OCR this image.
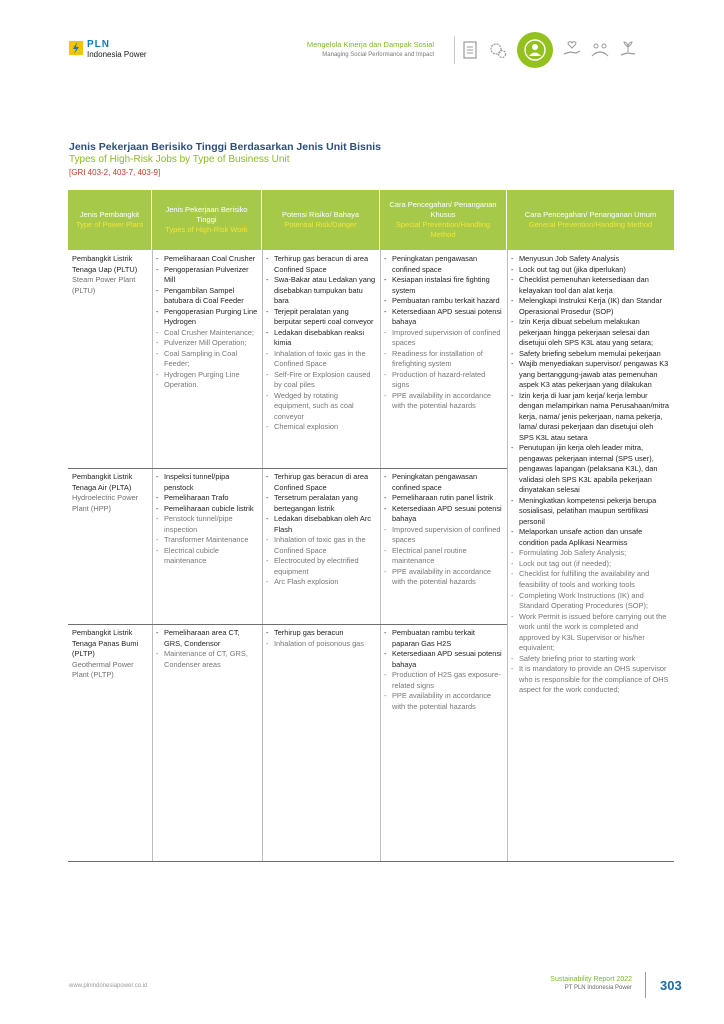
PLN
Indonesia Power
Mengelola Kinerja dan Dampak Sosial
Managing Social Performance and Impact
Jenis Pekerjaan Berisiko Tinggi Berdasarkan Jenis Unit Bisnis
Types of High-Risk Jobs by Type of Business Unit
[GRI 403-2, 403-7, 403-9]
Jenis Pembangkit
Type of Power Plant
Jenis Pekerjaan Berisiko Tinggi
Types of High-Risk Work
Potensi Risiko/ Bahaya
Potential Risk/Danger
Cara Pencegahan/ Penanganan Khusus
Special Prevention/Handling Method
Cara Pencegahan/ Penanganan Umum
General Prevention/Handling Method
Pembangkit Listrik Tenaga Uap (PLTU)
Steam Power Plant (PLTU)
- Pemeliharaan Coal Crusher
- Pengoperasian Pulverizer Mill
- Pengambilan Sampel batubara di Coal Feeder
- Pengoperasian Purging Line Hydrogen
- Coal Crusher Maintenance;
- Pulverizer Mill Operation;
- Coal Sampling in Coal Feeder;
- Hydrogen Purging Line Operation.
- Terhirup gas beracun di area Confined Space
- Swa-Bakar atau Ledakan yang disebabkan tumpukan batu bara
- Terjepit peralatan yang berputar seperti coal conveyor
- Ledakan disebabkan reaksi kimia
- Inhalation of toxic gas in the Confined Space
- Self-Fire or Explosion caused by coal piles
- Wedged by rotating equipment, such as coal conveyor
- Chemical explosion
- Peningkatan pengawasan confined space
- Kesiapan instalasi fire fighting system
- Pembuatan rambu terkait hazard
- Ketersediaan APD sesuai potensi bahaya
- Improved supervision of confined spaces
- Readiness for installation of firefighting system
- Production of hazard-related signs
- PPE availability in accordance with the potential hazards
Pembangkit Listrik Tenaga Air (PLTA)
Hydroelectric Power Plant (HPP)
- Inspeksi tunnel/pipa penstock
- Pemeliharaan Trafo
- Pemeliharaan cubicle listrik
- Penstock tunnel/pipe inspection
- Transformer Maintenance
- Electrical cubicle maintenance
- Terhirup gas beracun di area Confined Space
- Tersetrum peralatan yang bertegangan listrik
- Ledakan disebabkan oleh Arc Flash
- Inhalation of toxic gas in the Confined Space
- Electrocuted by electrified equipment
- Arc Flash explosion
- Peningkatan pengawasan confined space
- Pemeliharaan rutin panel listrik
- Ketersediaan APD sesuai potensi bahaya
- Improved supervision of confined spaces
- Electrical panel routine maintenance
- PPE availability in accordance with the potential hazards
Pembangkit Listrik Tenaga Panas Bumi (PLTP)
Geothermal Power Plant (PLTP)
- Pemeliharaan area CT, GRS, Condensor
- Maintenance of CT, GRS, Condenser areas
- Terhirup gas beracun
- Inhalation of poisonous gas
- Pembuatan rambu terkait paparan Gas H2S
- Ketersediaan APD sesuai potensi bahaya
- Production of H2S gas exposure-related signs
- PPE availability in accordance with the potential hazards
- Menyusun Job Safety Analysis
- Lock out tag out (jika diperlukan)
- Checklist pemenuhan ketersediaan dan kelayakan tool dan alat kerja
- Melengkapi Instruksi Kerja (IK) dan Standar Operasional Prosedur (SOP)
- Izin Kerja dibuat sebelum melakukan pekerjaan hingga pekerjaan selesai dan disetujui oleh SPS K3L atau yang setara;
- Safety briefing sebelum memulai pekerjaan
- Wajib menyediakan supervisor/ pengawas K3 yang bertanggung-jawab atas pemenuhan aspek K3 atas pekerjaan yang dilakukan
- Izin kerja di luar jam kerja/ kerja lembur dengan melampirkan nama Perusahaan/mitra kerja, nama/ jenis pekerjaan, nama pekerja, lama/ durasi pekerjaan dan disetujui oleh SPS K3L atau setara
- Penutupan ijin kerja oleh leader mitra, pengawas pekerjaan internal (SPS user), pengawas lapangan (pelaksana K3L), dan validasi oleh SPS K3L apabila pekerjaan dinyatakan selesai
- Meningkatkan kompetensi pekerja berupa sosialisasi, pelatihan maupun sertifikasi personil
- Melaporkan unsafe action dan unsafe condition pada Aplikasi Nearmiss
- Formulating Job Safety Analysis;
- Lock out tag out (if needed);
- Checklist for fulfilling the availability and feasibility of tools and working tools
- Completing Work Instructions (IK) and Standard Operating Procedures (SOP);
- Work Permit is issued before carrying out the work until the work is completed and approved by K3L Supervisor or his/her equivalent;
- Safety briefing prior to starting work
- It is mandatory to provide an OHS supervisor who is responsible for the compliance of OHS aspect for the work conducted;
www.plnindonesiapower.co.id
Sustainability Report 2022
PT PLN Indonesia Power 303
